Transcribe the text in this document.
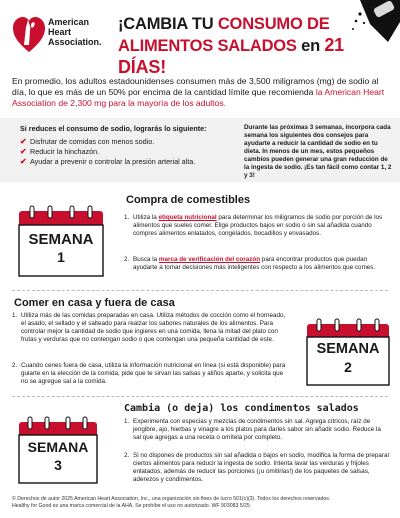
American
Heart
Association.
¡CAMBIA TU CONSUMO DE
ALIMENTOS SALADOS en 21 DÍAS!

En promedio, los adultos estadounidenses consumen más de 3,500 miligramos (mg) de sodio al día, lo que es más de un 50% por encima de la cantidad límite que recomienda la American Heart Association de 2,300 mg para la mayoría de los adultos.

Si reduces el consumo de sodio, lograrás lo siguiente:
✔ Disfrutar de comidas con menos sodio.
✔ Reducir la hinchazón.
✔ Ayudar a prevenir o controlar la presión arterial alta.
Durante las próximas 3 semanas, incorpora cada semana los siguientes dos consejos para ayudarte a reducir la cantidad de sodio en tu dieta. In menos de un mes, estos pequeños cambios pueden generar una gran reducción de la ingesta de sodio. ¡Es tan fácil como contar 1, 2 y 3!
Compra de comestibles
SEMANA
1
1. Utiliza la etiqueta nutricional para determinar los miligramos de sodio por porción de los alimentos que sueles comer. Elige productos bajos en sodio o sin sal añadida cuando compres alimentos enlatados, congelados, bocadillos y envasados.
2. Busca la marca de verificación del corazón para encontrar productos que puedan ayudarte a tomar decisiones más inteligentes con respecto a los alimentos que comes.
Comer en casa y fuera de casa
1. Utiliza más de las comidas preparadas en casa. Utiliza métodos de cocción como el horneado, el asado, el sellado y el salteado para realzar los sabores naturales de los alimentos. Para controlar mejor la cantidad de sodio que ingieres en una comida, llena la mitad del plato con frutas y verduras que no contengan sodio o que contengan una pequeña cantidad de este.
2. Cuando cenes fuera de casa, utiliza la información nutricional en línea (si está disponible) para guiarte en la elección de la comida, pide que te sirvan las salsas y aliños aparte, y solicita que no se agregue sal a la comida.
SEMANA
2
Cambia (o deja) los condimentos salados
SEMANA
3
1. Experimenta con especias y mezclas de condimentos sin sal. Agrega cítricos, raíz de jengibre, ajo, hierbas y vinagre a los platos para darles sabor sin añadir sodio. Reduce la sal que agregas a una receta o omítela por completo.
2. Si no dispones de productos sin sal añadida o bajos en sodio, modifica la forma de preparar ciertos alimentos para reducir la ingesta de sodio. Intenta lavar las verduras y frijoles enlatados, además de reducir las porciones (¡u omitirlas!) de los paquetes de salsas, aderezos y condimentos.
© Derechos de autor 2025 American Heart Association, Inc., una organización sin fines de lucro 501(c)(3). Todos los derechos reservados.
Healthy for Good es una marca comercial de la AHA. Se prohíbe el uso no autorizado. WF 903083 5/25
